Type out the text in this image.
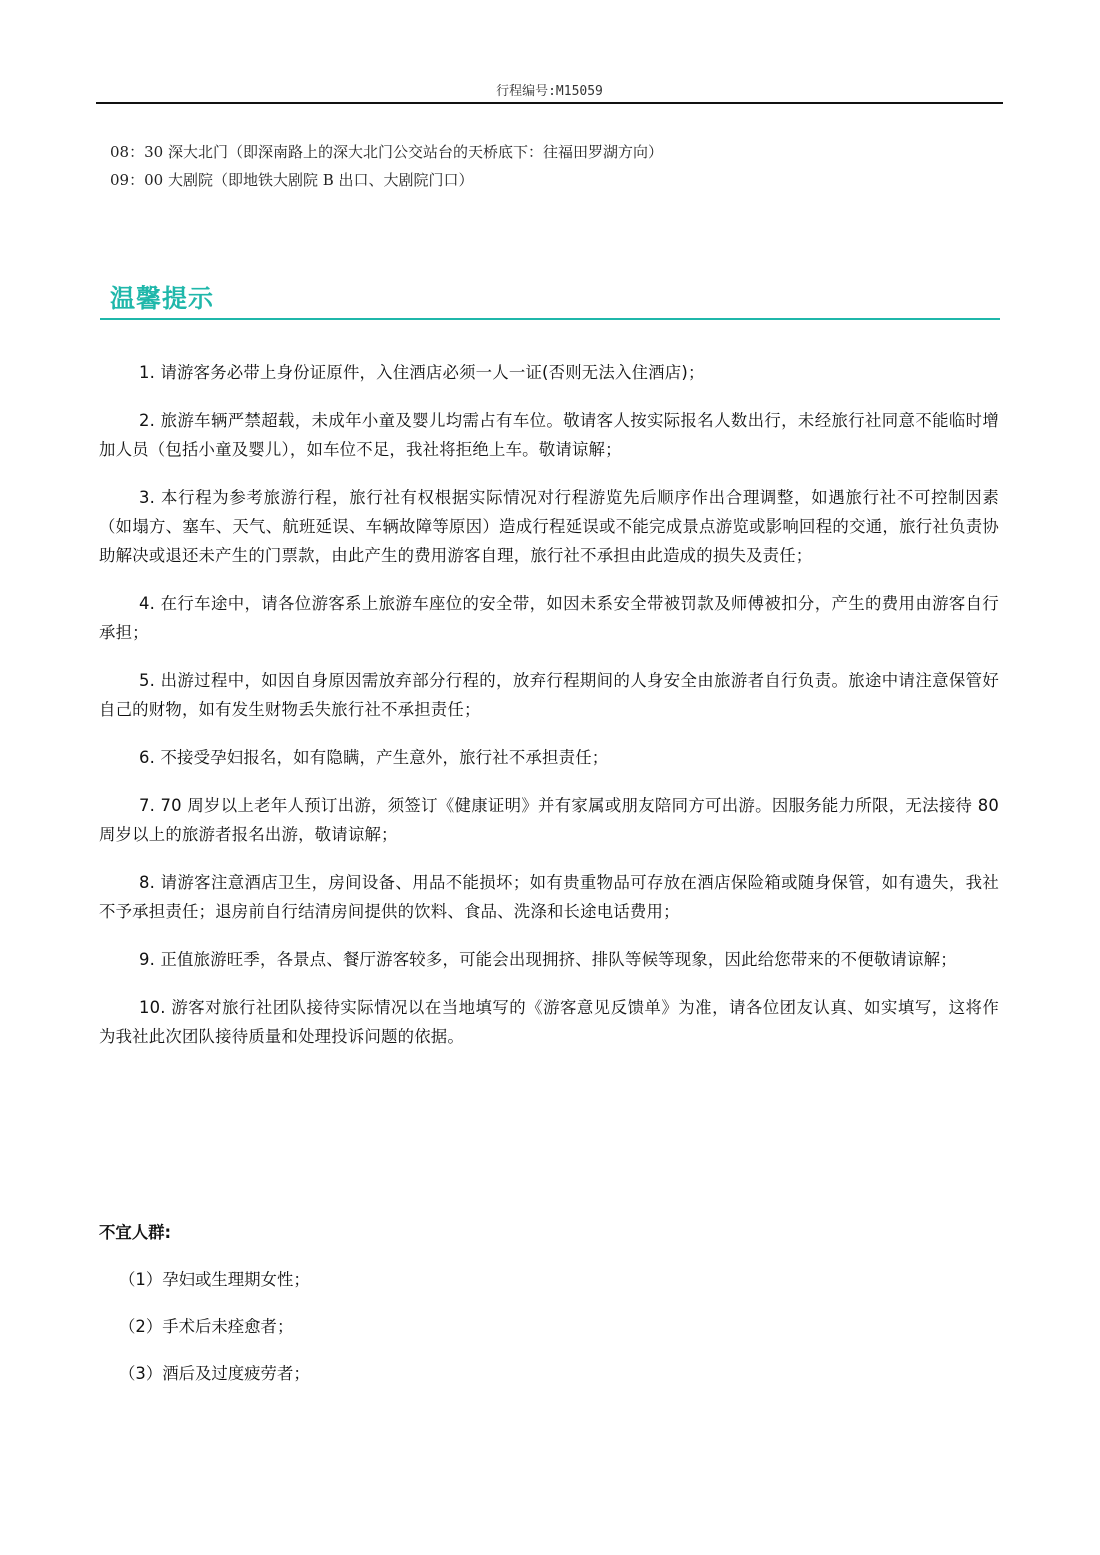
行程编号:M15059
08：30 深大北门（即深南路上的深大北门公交站台的天桥底下：往福田罗湖方向）
09：00 大剧院（即地铁大剧院 B 出口、大剧院门口）
温馨提示

1. 请游客务必带上身份证原件，入住酒店必须一人一证(否则无法入住酒店)；

2. 旅游车辆严禁超载，未成年小童及婴儿均需占有车位。敬请客人按实际报名人数出行，未经旅行社同意不能临时增加人员（包括小童及婴儿），如车位不足，我社将拒绝上车。敬请谅解；

3. 本行程为参考旅游行程，旅行社有权根据实际情况对行程游览先后顺序作出合理调整，如遇旅行社不可控制因素（如塌方、塞车、天气、航班延误、车辆故障等原因）造成行程延误或不能完成景点游览或影响回程的交通，旅行社负责协助解决或退还未产生的门票款，由此产生的费用游客自理，旅行社不承担由此造成的损失及责任；

4. 在行车途中，请各位游客系上旅游车座位的安全带，如因未系安全带被罚款及师傅被扣分，产生的费用由游客自行承担；

5. 出游过程中，如因自身原因需放弃部分行程的，放弃行程期间的人身安全由旅游者自行负责。旅途中请注意保管好自己的财物，如有发生财物丢失旅行社不承担责任；

6. 不接受孕妇报名，如有隐瞒，产生意外，旅行社不承担责任；

7. 70 周岁以上老年人预订出游，须签订《健康证明》并有家属或朋友陪同方可出游。因服务能力所限，无法接待 80 周岁以上的旅游者报名出游，敬请谅解；

8. 请游客注意酒店卫生，房间设备、用品不能损坏；如有贵重物品可存放在酒店保险箱或随身保管，如有遗失，我社不予承担责任；退房前自行结清房间提供的饮料、食品、洗涤和长途电话费用；

9. 正值旅游旺季，各景点、餐厅游客较多，可能会出现拥挤、排队等候等现象，因此给您带来的不便敬请谅解；

10. 游客对旅行社团队接待实际情况以在当地填写的《游客意见反馈单》为准，请各位团友认真、如实填写，这将作为我社此次团队接待质量和处理投诉问题的依据。

不宜人群:
（1）孕妇或生理期女性；
（2）手术后未痊愈者；
（3）酒后及过度疲劳者；
